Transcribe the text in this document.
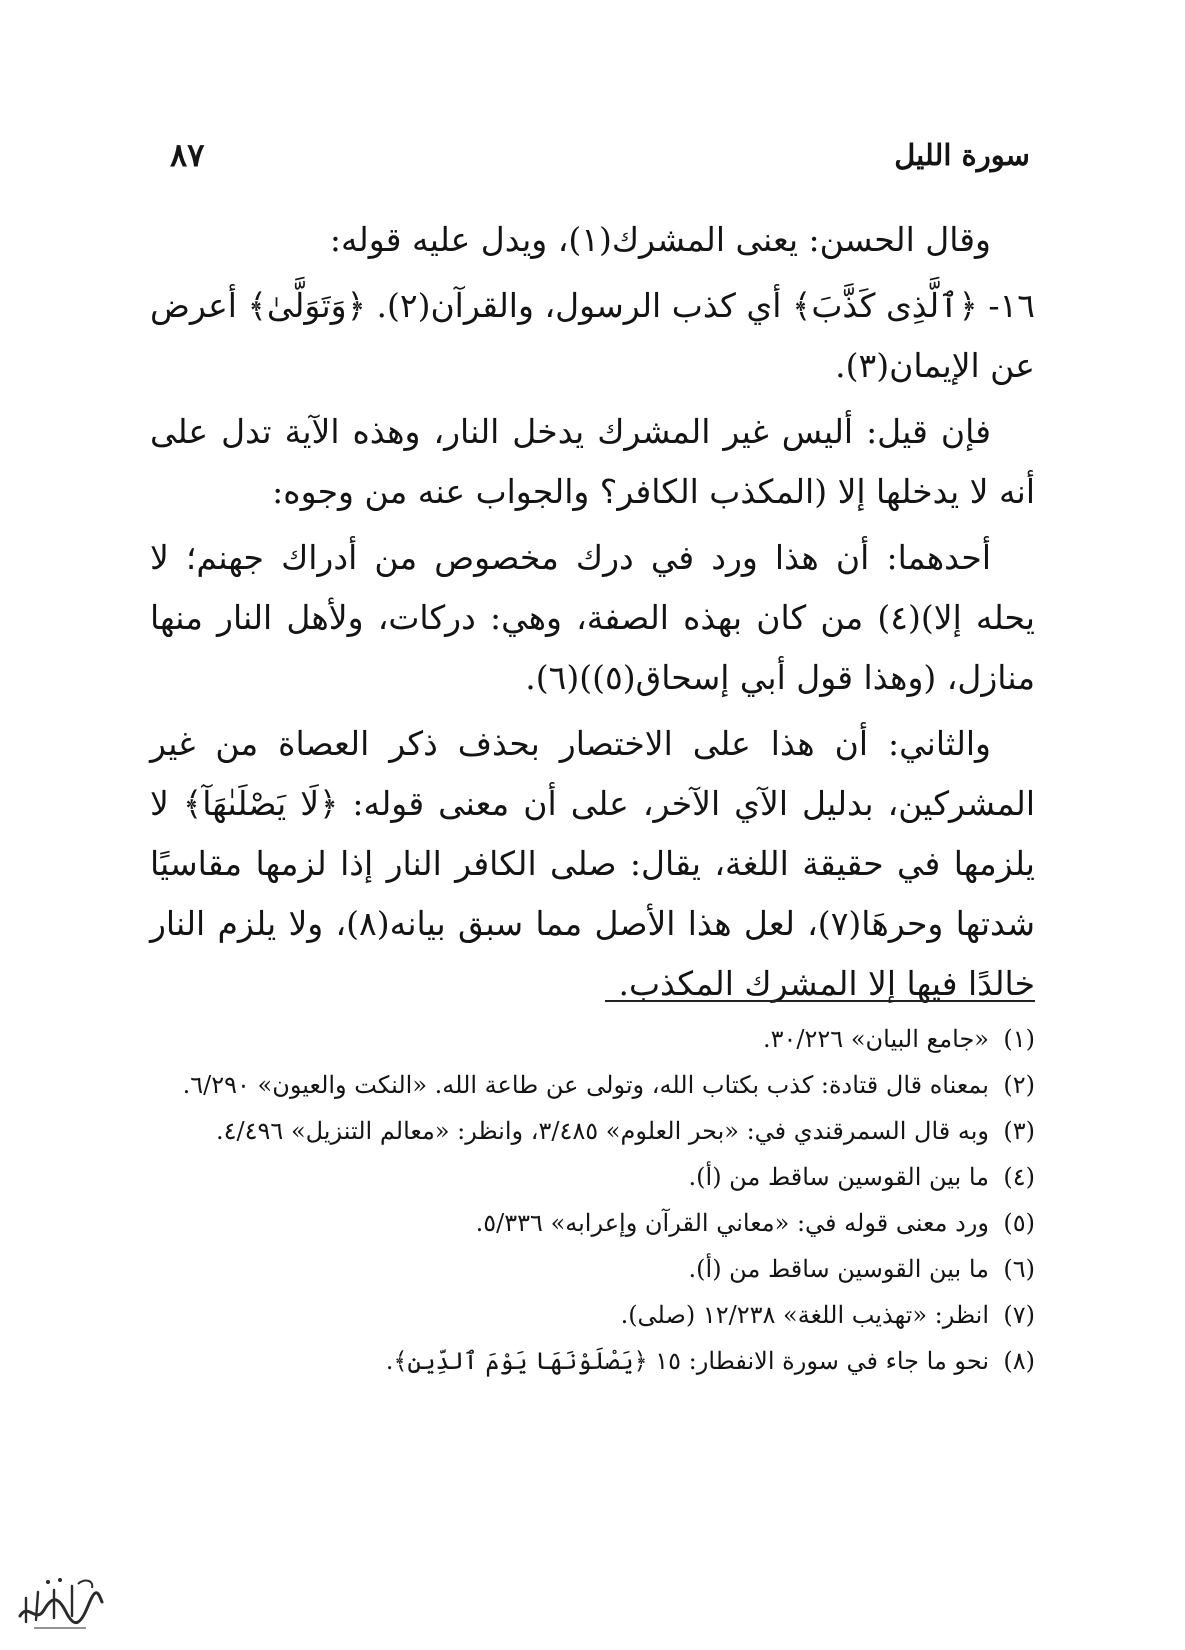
سورة الليل
٨٧

وقال الحسن: يعنى المشرك(١)، ويدل عليه قوله:

١٦- ﴿ٱلَّذِى كَذَّبَ﴾ أي كذب الرسول، والقرآن(٢). ﴿وَتَوَلَّىٰ﴾ أعرض عن الإيمان(٣).

فإن قيل: أليس غير المشرك يدخل النار، وهذه الآية تدل على أنه لا يدخلها إلا (المكذب الكافر؟ والجواب عنه من وجوه:

أحدهما: أن هذا ورد في درك مخصوص من أدراك جهنم؛ لا يحله إلا)(٤) من كان بهذه الصفة، وهي: دركات، ولأهل النار منها منازل، (وهذا قول أبي إسحاق(٥))(٦).

والثاني: أن هذا على الاختصار بحذف ذكر العصاة من غير المشركين، بدليل الآي الآخر، على أن معنى قوله: ﴿لَا يَصْلَىٰهَآ﴾ لا يلزمها في حقيقة اللغة، يقال: صلى الكافر النار إذا لزمها مقاسيًا شدتها وحرهَا(٧)، لعل هذا الأصل مما سبق بيانه(٨)، ولا يلزم النار خالدًا فيها إلا المشرك المكذب.

(١)
«جامع البيان» ٣٠/٢٢٦.
(٢)
بمعناه قال قتادة: كذب بكتاب الله، وتولى عن طاعة الله. «النكت والعيون» ٦/٢٩٠.
(٣)
وبه قال السمرقندي في: «بحر العلوم» ٣/٤٨٥، وانظر: «معالم التنزيل» ٤/٤٩٦.
(٤)
ما بين القوسين ساقط من (أ).
(٥)
ورد معنى قوله في: «معاني القرآن وإعرابه» ٥/٣٣٦.
(٦)
ما بين القوسين ساقط من (أ).
(٧)
انظر: «تهذيب اللغة» ١٢/٢٣٨ (صلى).
(٨)
نحو ما جاء في سورة الانفطار: ١٥ ﴿يَصْلَوْنَهَا يَوْمَ ٱلدِّينِ﴾.
